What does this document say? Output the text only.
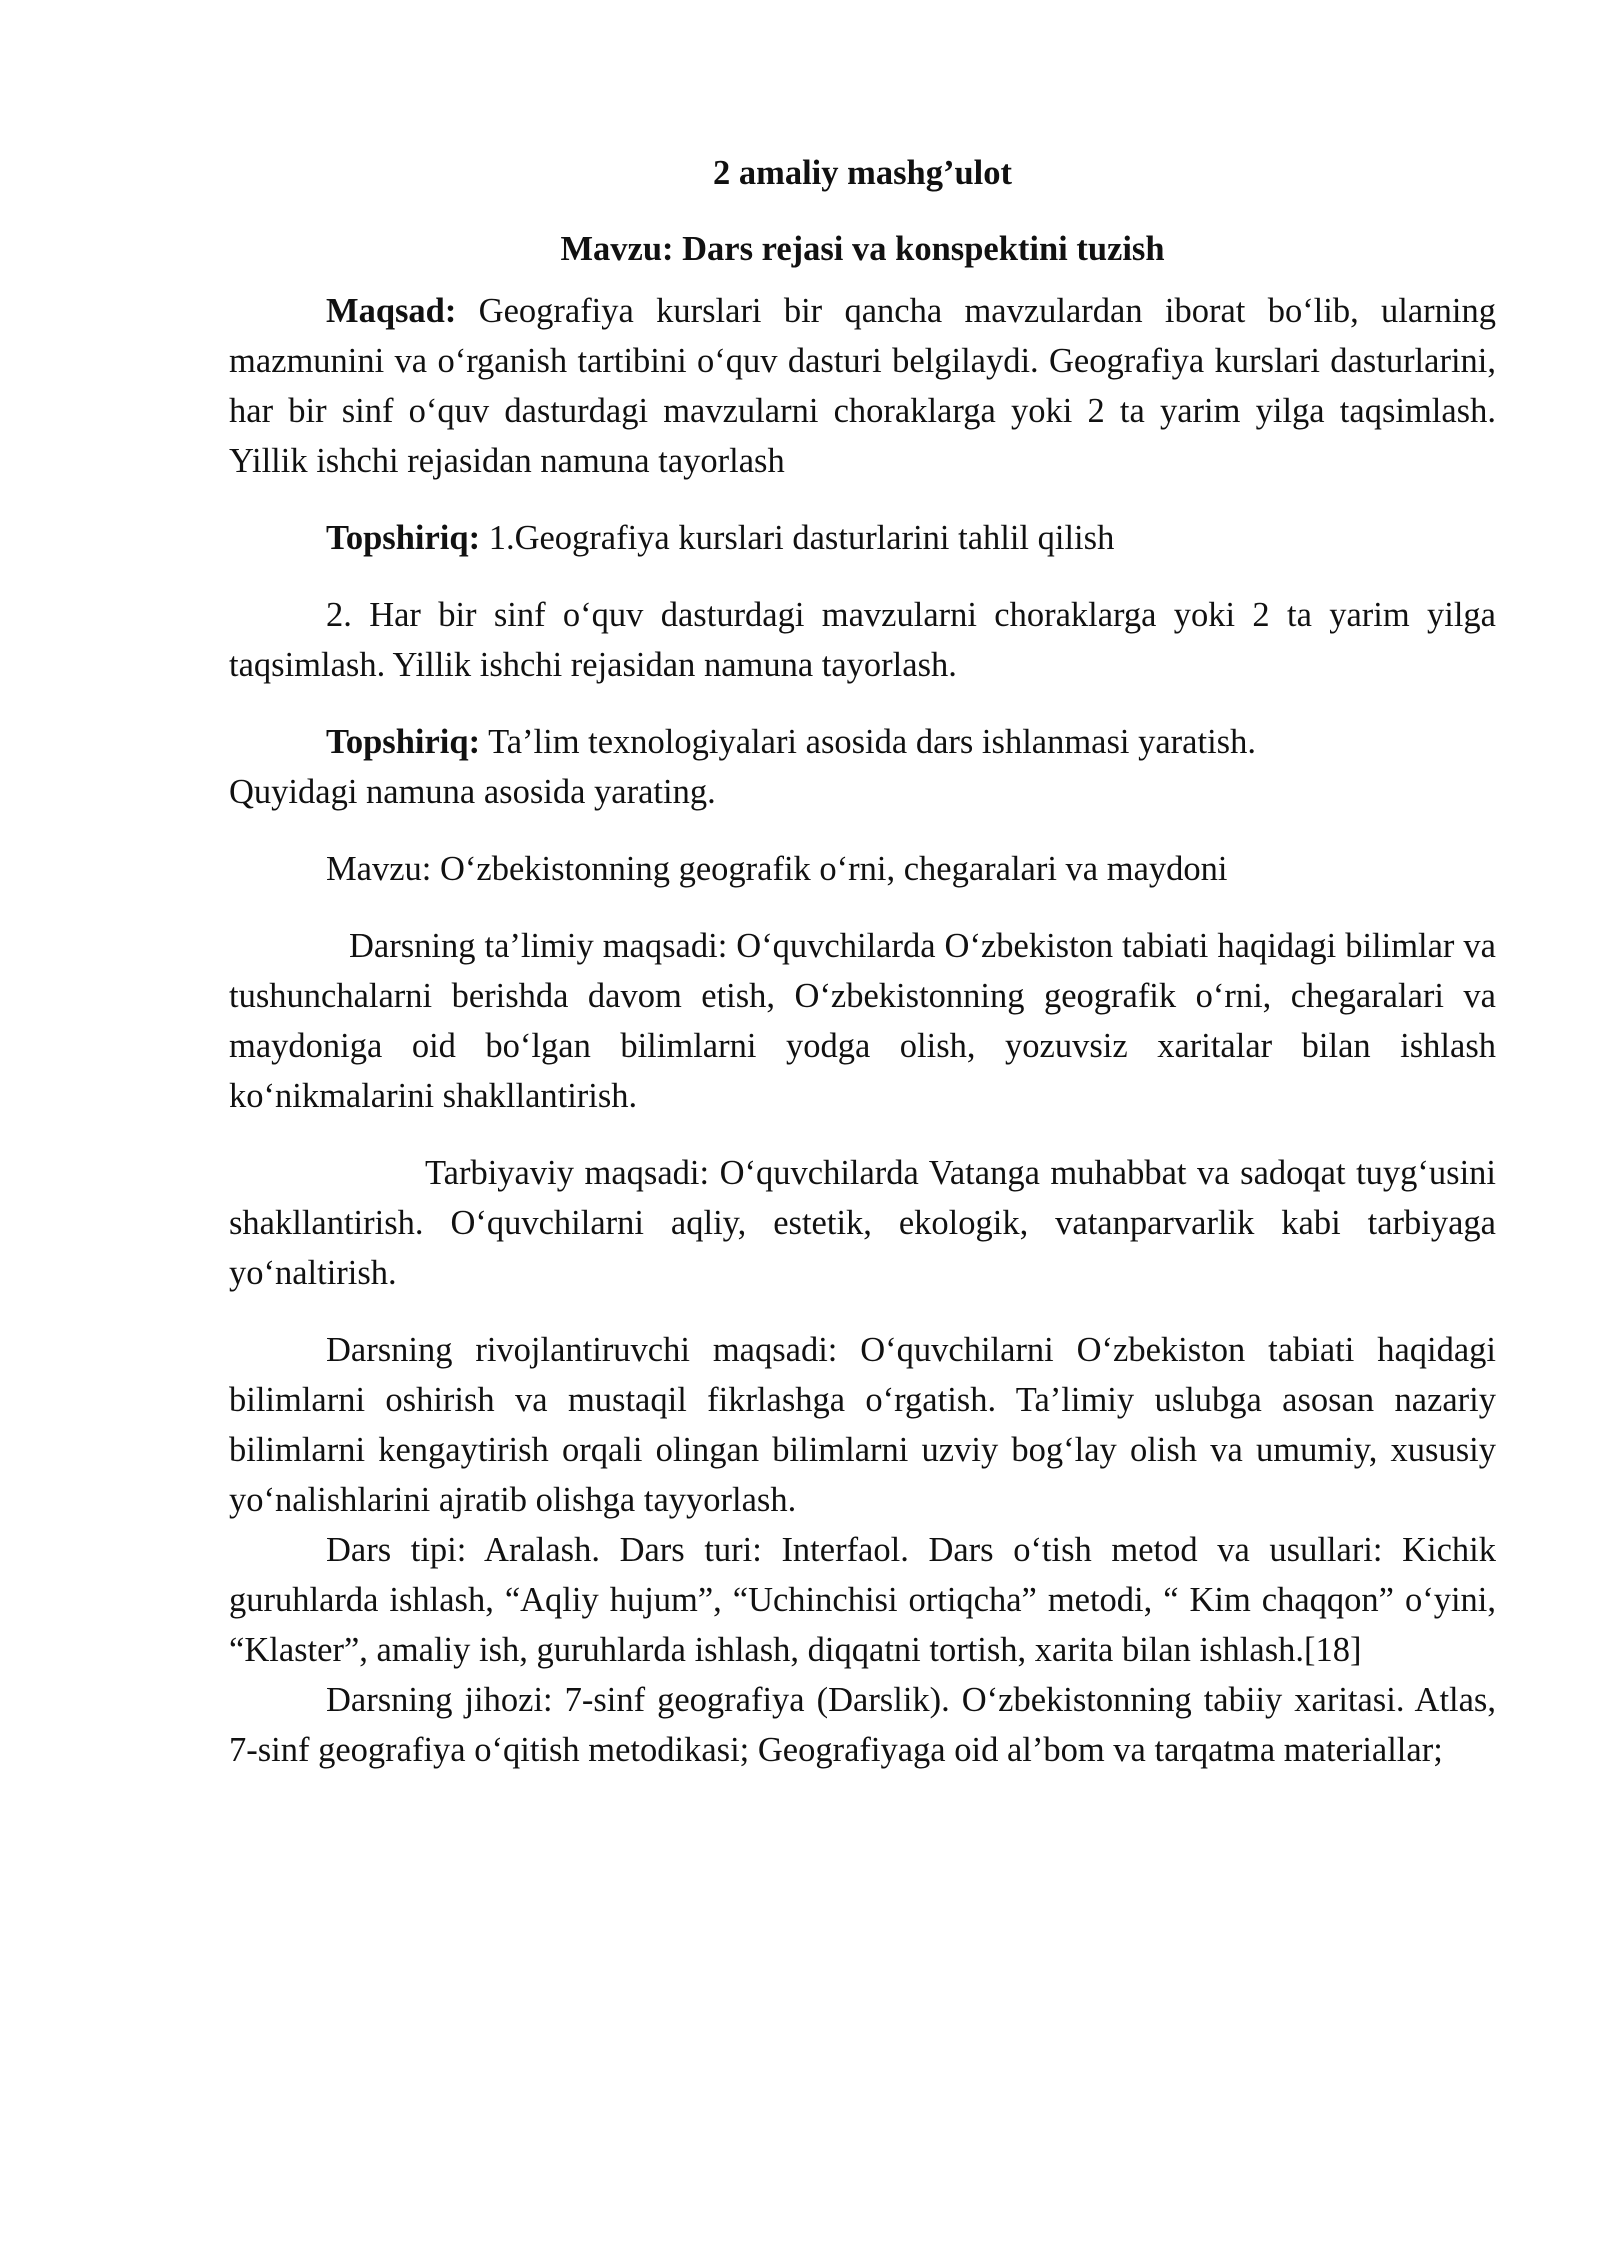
2 amaliy mashg’ulot

Mavzu: Dars rejasi va konspektini tuzish

Maqsad: Geografiya kurslari bir qancha mavzulardan iborat bo‘lib, ularning mazmunini va o‘rganish tartibini o‘quv dasturi belgilaydi. Geografiya kurslari dasturlarini, har bir sinf o‘quv dasturdagi mavzularni choraklarga yoki 2 ta yarim yilga taqsimlash. Yillik ishchi rejasidan namuna tayorlash

Topshiriq: 1.Geografiya kurslari dasturlarini tahlil qilish

2. Har bir sinf o‘quv dasturdagi mavzularni choraklarga yoki 2 ta yarim yilga taqsimlash. Yillik ishchi rejasidan namuna tayorlash.

Topshiriq: Ta’lim texnologiyalari asosida dars ishlanmasi yaratish.

Quyidagi namuna asosida yarating.

Mavzu: O‘zbekistonning geografik o‘rni, chegaralari va maydoni

Darsning ta’limiy maqsadi: O‘quvchilarda O‘zbekiston tabiati haqidagi bilimlar va tushunchalarni berishda davom etish, O‘zbekistonning geografik o‘rni, chegaralari va maydoniga oid bo‘lgan bilimlarni yodga olish, yozuvsiz xaritalar bilan ishlash ko‘nikmalarini shakllantirish.

Tarbiyaviy maqsadi: O‘quvchilarda Vatanga muhabbat va sadoqat tuyg‘usini shakllantirish. O‘quvchilarni aqliy, estetik, ekologik, vatanparvarlik kabi tarbiyaga yo‘naltirish.

Darsning rivojlantiruvchi maqsadi: O‘quvchilarni O‘zbekiston tabiati haqidagi bilimlarni oshirish va mustaqil fikrlashga o‘rgatish. Ta’limiy uslubga asosan nazariy bilimlarni kengaytirish orqali olingan bilimlarni uzviy bog‘lay olish va umumiy, xususiy yo‘nalishlarini ajratib olishga tayyorlash.

Dars tipi: Aralash. Dars turi: Interfaol. Dars o‘tish metod va usullari: Kichik guruhlarda ishlash, “Aqliy hujum”, “Uchinchisi ortiqcha” metodi, “ Kim chaqqon” o‘yini, “Klaster”, amaliy ish, guruhlarda ishlash, diqqatni tortish, xarita bilan ishlash.[18]

Darsning jihozi: 7-sinf geografiya (Darslik). O‘zbekistonning tabiiy xaritasi. Atlas, 7-sinf geografiya o‘qitish metodikasi; Geografiyaga oid al’bom va tarqatma materiallar;
